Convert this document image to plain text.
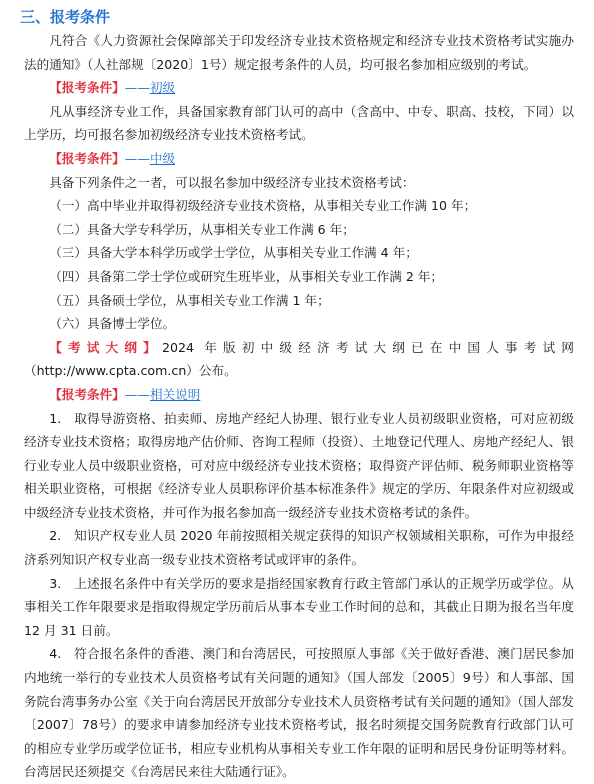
三、报考条件

凡符合《人力资源社会保障部关于印发经济专业技术资格规定和经济专业技术资格考试实施办法的通知》（人社部规〔2020〕1号）规定报考条件的人员，均可报名参加相应级别的考试。

【报考条件】——初级

凡从事经济专业工作，具备国家教育部门认可的高中（含高中、中专、职高、技校，下同）以上学历，均可报名参加初级经济专业技术资格考试。

【报考条件】——中级

具备下列条件之一者，可以报名参加中级经济专业技术资格考试：

（一）高中毕业并取得初级经济专业技术资格，从事相关专业工作满 10 年；

（二）具备大学专科学历，从事相关专业工作满 6 年；

（三）具备大学本科学历或学士学位，从事相关专业工作满 4 年；

（四）具备第二学士学位或研究生班毕业，从事相关专业工作满 2 年；

（五）具备硕士学位，从事相关专业工作满 1 年；

（六）具备博士学位。

【考试大纲】2024 年版初中级经济考试大纲已在中国人事考试网（http://www.cpta.com.cn）公布。

【报考条件】——相关说明

1.　取得导游资格、拍卖师、房地产经纪人协理、银行业专业人员初级职业资格，可对应初级经济专业技术资格；取得房地产估价师、咨询工程师（投资）、土地登记代理人、房地产经纪人、银行业专业人员中级职业资格，可对应中级经济专业技术资格；取得资产评估师、税务师职业资格等相关职业资格，可根据《经济专业人员职称评价基本标准条件》规定的学历、年限条件对应初级或中级经济专业技术资格，并可作为报名参加高一级经济专业技术资格考试的条件。

2.　知识产权专业人员 2020 年前按照相关规定获得的知识产权领域相关职称，可作为申报经济系列知识产权专业高一级专业技术资格考试或评审的条件。

3.　上述报名条件中有关学历的要求是指经国家教育行政主管部门承认的正规学历或学位。从事相关工作年限要求是指取得规定学历前后从事本专业工作时间的总和，其截止日期为报名当年度 12 月 31 日前。

4.　符合报名条件的香港、澳门和台湾居民，可按照原人事部《关于做好香港、澳门居民参加内地统一举行的专业技术人员资格考试有关问题的通知》（国人部发〔2005〕9号）和人事部、国务院台湾事务办公室《关于向台湾居民开放部分专业技术人员资格考试有关问题的通知》（国人部发〔2007〕78号）的要求申请参加经济专业技术资格考试，报名时须提交国务院教育行政部门认可的相应专业学历或学位证书，相应专业机构从事相关专业工作年限的证明和居民身份证明等材料。台湾居民还须提交《台湾居民来往大陆通行证》。
